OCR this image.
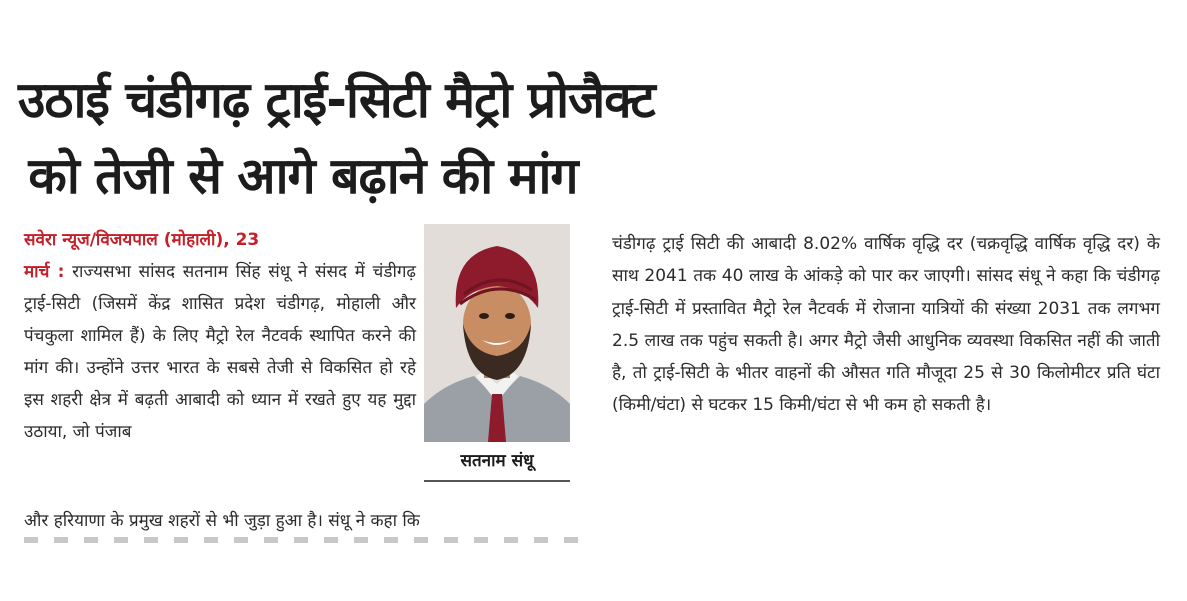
उठाई चंडीगढ़ ट्राई-सिटी मैट्रो प्रोजैक्ट
को तेजी से आगे बढ़ाने की मांग
सवेरा न्यूज/विजयपाल (मोहाली), 23
मार्च : राज्यसभा सांसद सतनाम सिंह संधू ने संसद में चंडीगढ़ ट्राई-सिटी (जिसमें केंद्र शासित प्रदेश चंडीगढ़, मोहाली और पंचकुला शामिल हैं) के लिए मैट्रो रेल नैटवर्क स्थापित करने की मांग की। उन्होंने उत्तर भारत के सबसे तेजी से विकसित हो रहे इस शहरी क्षेत्र में बढ़ती आबादी को ध्यान में रखते हुए यह मुद्दा उठाया, जो पंजाब
और हरियाणा के प्रमुख शहरों से भी जुड़ा हुआ है। संधू ने कहा कि
सतनाम संधू
चंडीगढ़ ट्राई सिटी की आबादी 8.02% वार्षिक वृद्धि दर (चक्रवृद्धि वार्षिक वृद्धि दर) के साथ 2041 तक 40 लाख के आंकड़े को पार कर जाएगी। सांसद संधू ने कहा कि चंडीगढ़ ट्राई-सिटी में प्रस्तावित मैट्रो रेल नैटवर्क में रोजाना यात्रियों की संख्या 2031 तक लगभग 2.5 लाख तक पहुंच सकती है। अगर मैट्रो जैसी आधुनिक व्यवस्था विकसित नहीं की जाती है, तो ट्राई-सिटी के भीतर वाहनों की औसत गति मौजूदा 25 से 30 किलोमीटर प्रति घंटा (किमी/घंटा) से घटकर 15 किमी/घंटा से भी कम हो सकती है।
